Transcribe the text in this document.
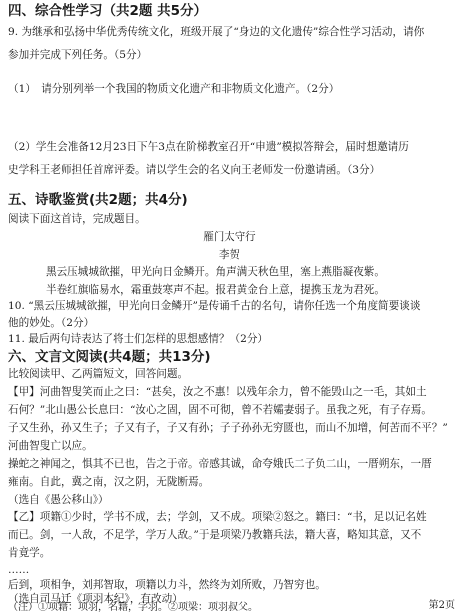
四、综合性学习（共2题 共5分）
9. 为继承和弘扬中华优秀传统文化，班级开展了“身边的文化遗传”综合性学习活动，请你
参加并完成下列任务。（5分）
（1）　请分别列举一个我国的物质文化遗产和非物质文化遗产。（2分）
（2）学生会准备12月23日下午3点在阶梯教室召开“申遗”模拟答辩会，届时想邀请历
史学科王老师担任首席评委。请以学生会的名义向王老师发一份邀请函。（3分）
五、诗歌鉴赏(共2题；共4分)
阅读下面这首诗，完成题目。
雁门太守行
李贺
黑云压城城欲摧，甲光向日金鳞开。角声满天秋色里，塞上燕脂凝夜紫。
半卷红旗临易水，霜重鼓寒声不起。报君黄金台上意，提携玉龙为君死。
10. “黑云压城城欲摧，甲光向日金鳞开”是传诵千古的名句，请你任选一个角度简要谈谈
他的妙处。（2分）
11. 最后两句诗表达了将士们怎样的思想感情？（2分）
六、文言文阅读(共4题；共13分)
比较阅读甲、乙两篇短文，回答问题。
【甲】河曲智叟笑而止之曰：“甚矣，汝之不惠！以残年余力，曾不能毁山之一毛，其如土
石何？”北山愚公长息曰：“汝心之固，固不可彻，曾不若孀妻弱子。虽我之死，有子存焉。
子又生孙，孙又生子；子又有子，子又有孙；子子孙孙无穷匮也，而山不加增，何苦而不平？”
河曲智叟亡以应。
操蛇之神闻之，惧其不已也，告之于帝。帝感其诚，命夸娥氏二子负二山，一厝朔东，一厝
雍南。自此，冀之南，汉之阴，无陇断焉。
（选自《愚公移山》）
【乙】项籍①少时，学书不成，去；学剑，又不成。项梁②怒之。籍曰：“书，足以记名姓
而已。剑，一人敌，不足学，学万人敌。”于是项梁乃教籍兵法，籍大喜，略知其意，又不
肯竟学。
……
后到，项相争，刘邦智取，项籍以力斗，然终为刘所败，乃智穷也。
（选自司马迁《项羽本纪》，有改动）
（注）①项籍：项羽，名籍，字羽。②项梁：项羽叔父。	第2页
